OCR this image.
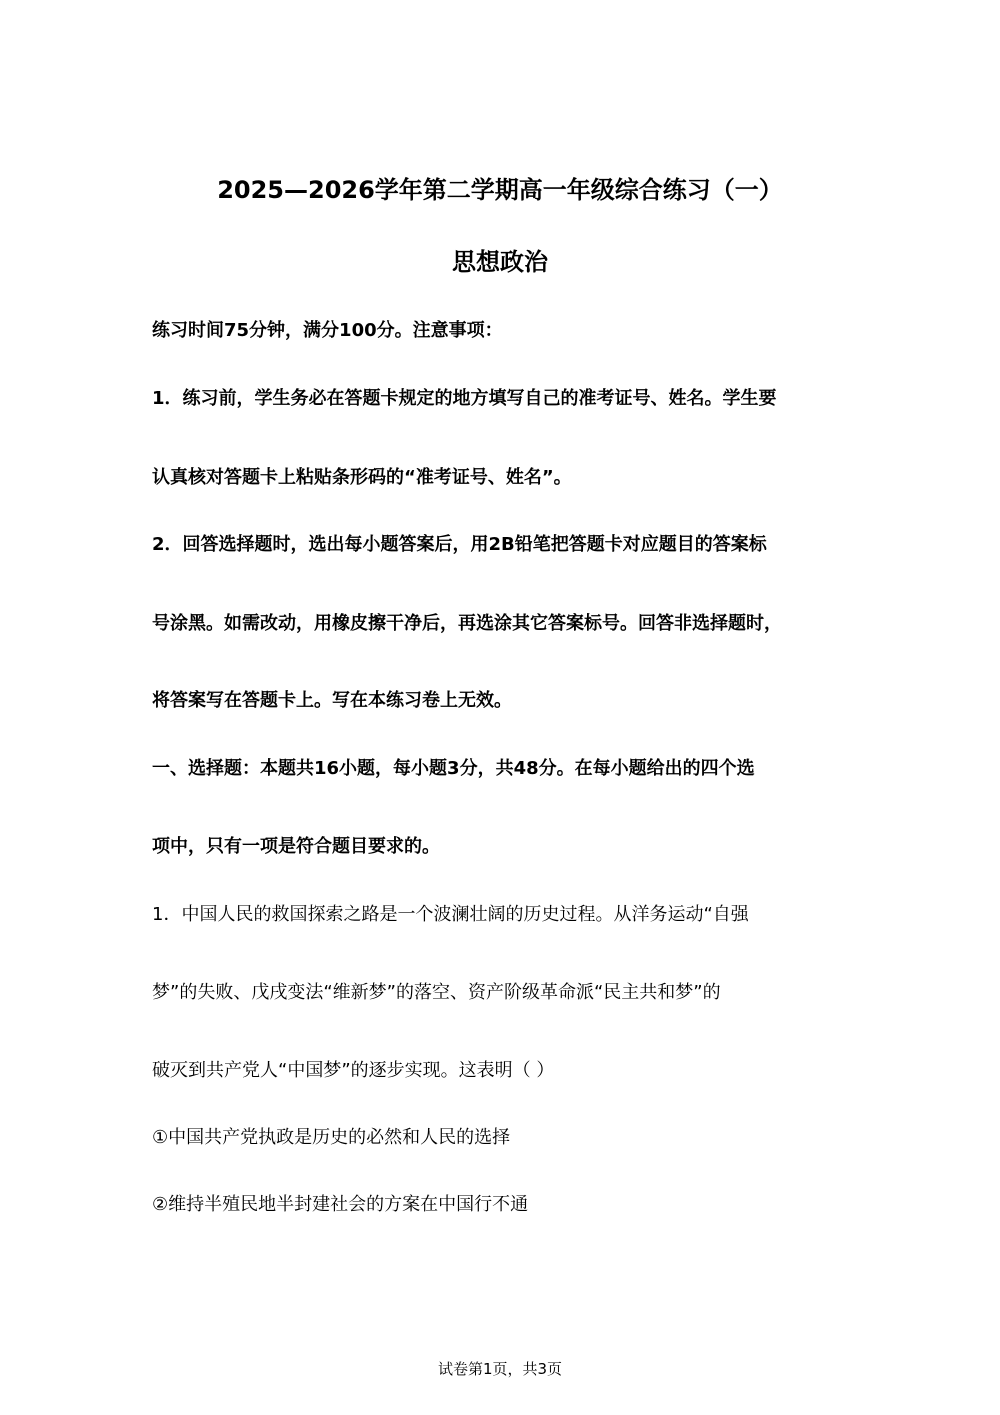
2025—2026学年第二学期高一年级综合练习（一）
思想政治
练习时间75分钟，满分100分。注意事项：
1．练习前，学生务必在答题卡规定的地方填写自己的准考证号、姓名。学生要
认真核对答题卡上粘贴条形码的“准考证号、姓名”。
2．回答选择题时，选出每小题答案后，用2B铅笔把答题卡对应题目的答案标
号涂黑。如需改动，用橡皮擦干净后，再选涂其它答案标号。回答非选择题时，
将答案写在答题卡上。写在本练习卷上无效。
一、选择题：本题共16小题，每小题3分，共48分。在每小题给出的四个选
项中，只有一项是符合题目要求的。
1．中国人民的救国探索之路是一个波澜壮阔的历史过程。从洋务运动“自强
梦”的失败、戊戌变法“维新梦”的落空、资产阶级革命派“民主共和梦”的
破灭到共产党人“中国梦”的逐步实现。这表明（ ）
①中国共产党执政是历史的必然和人民的选择
②维持半殖民地半封建社会的方案在中国行不通
试卷第1页，共3页
